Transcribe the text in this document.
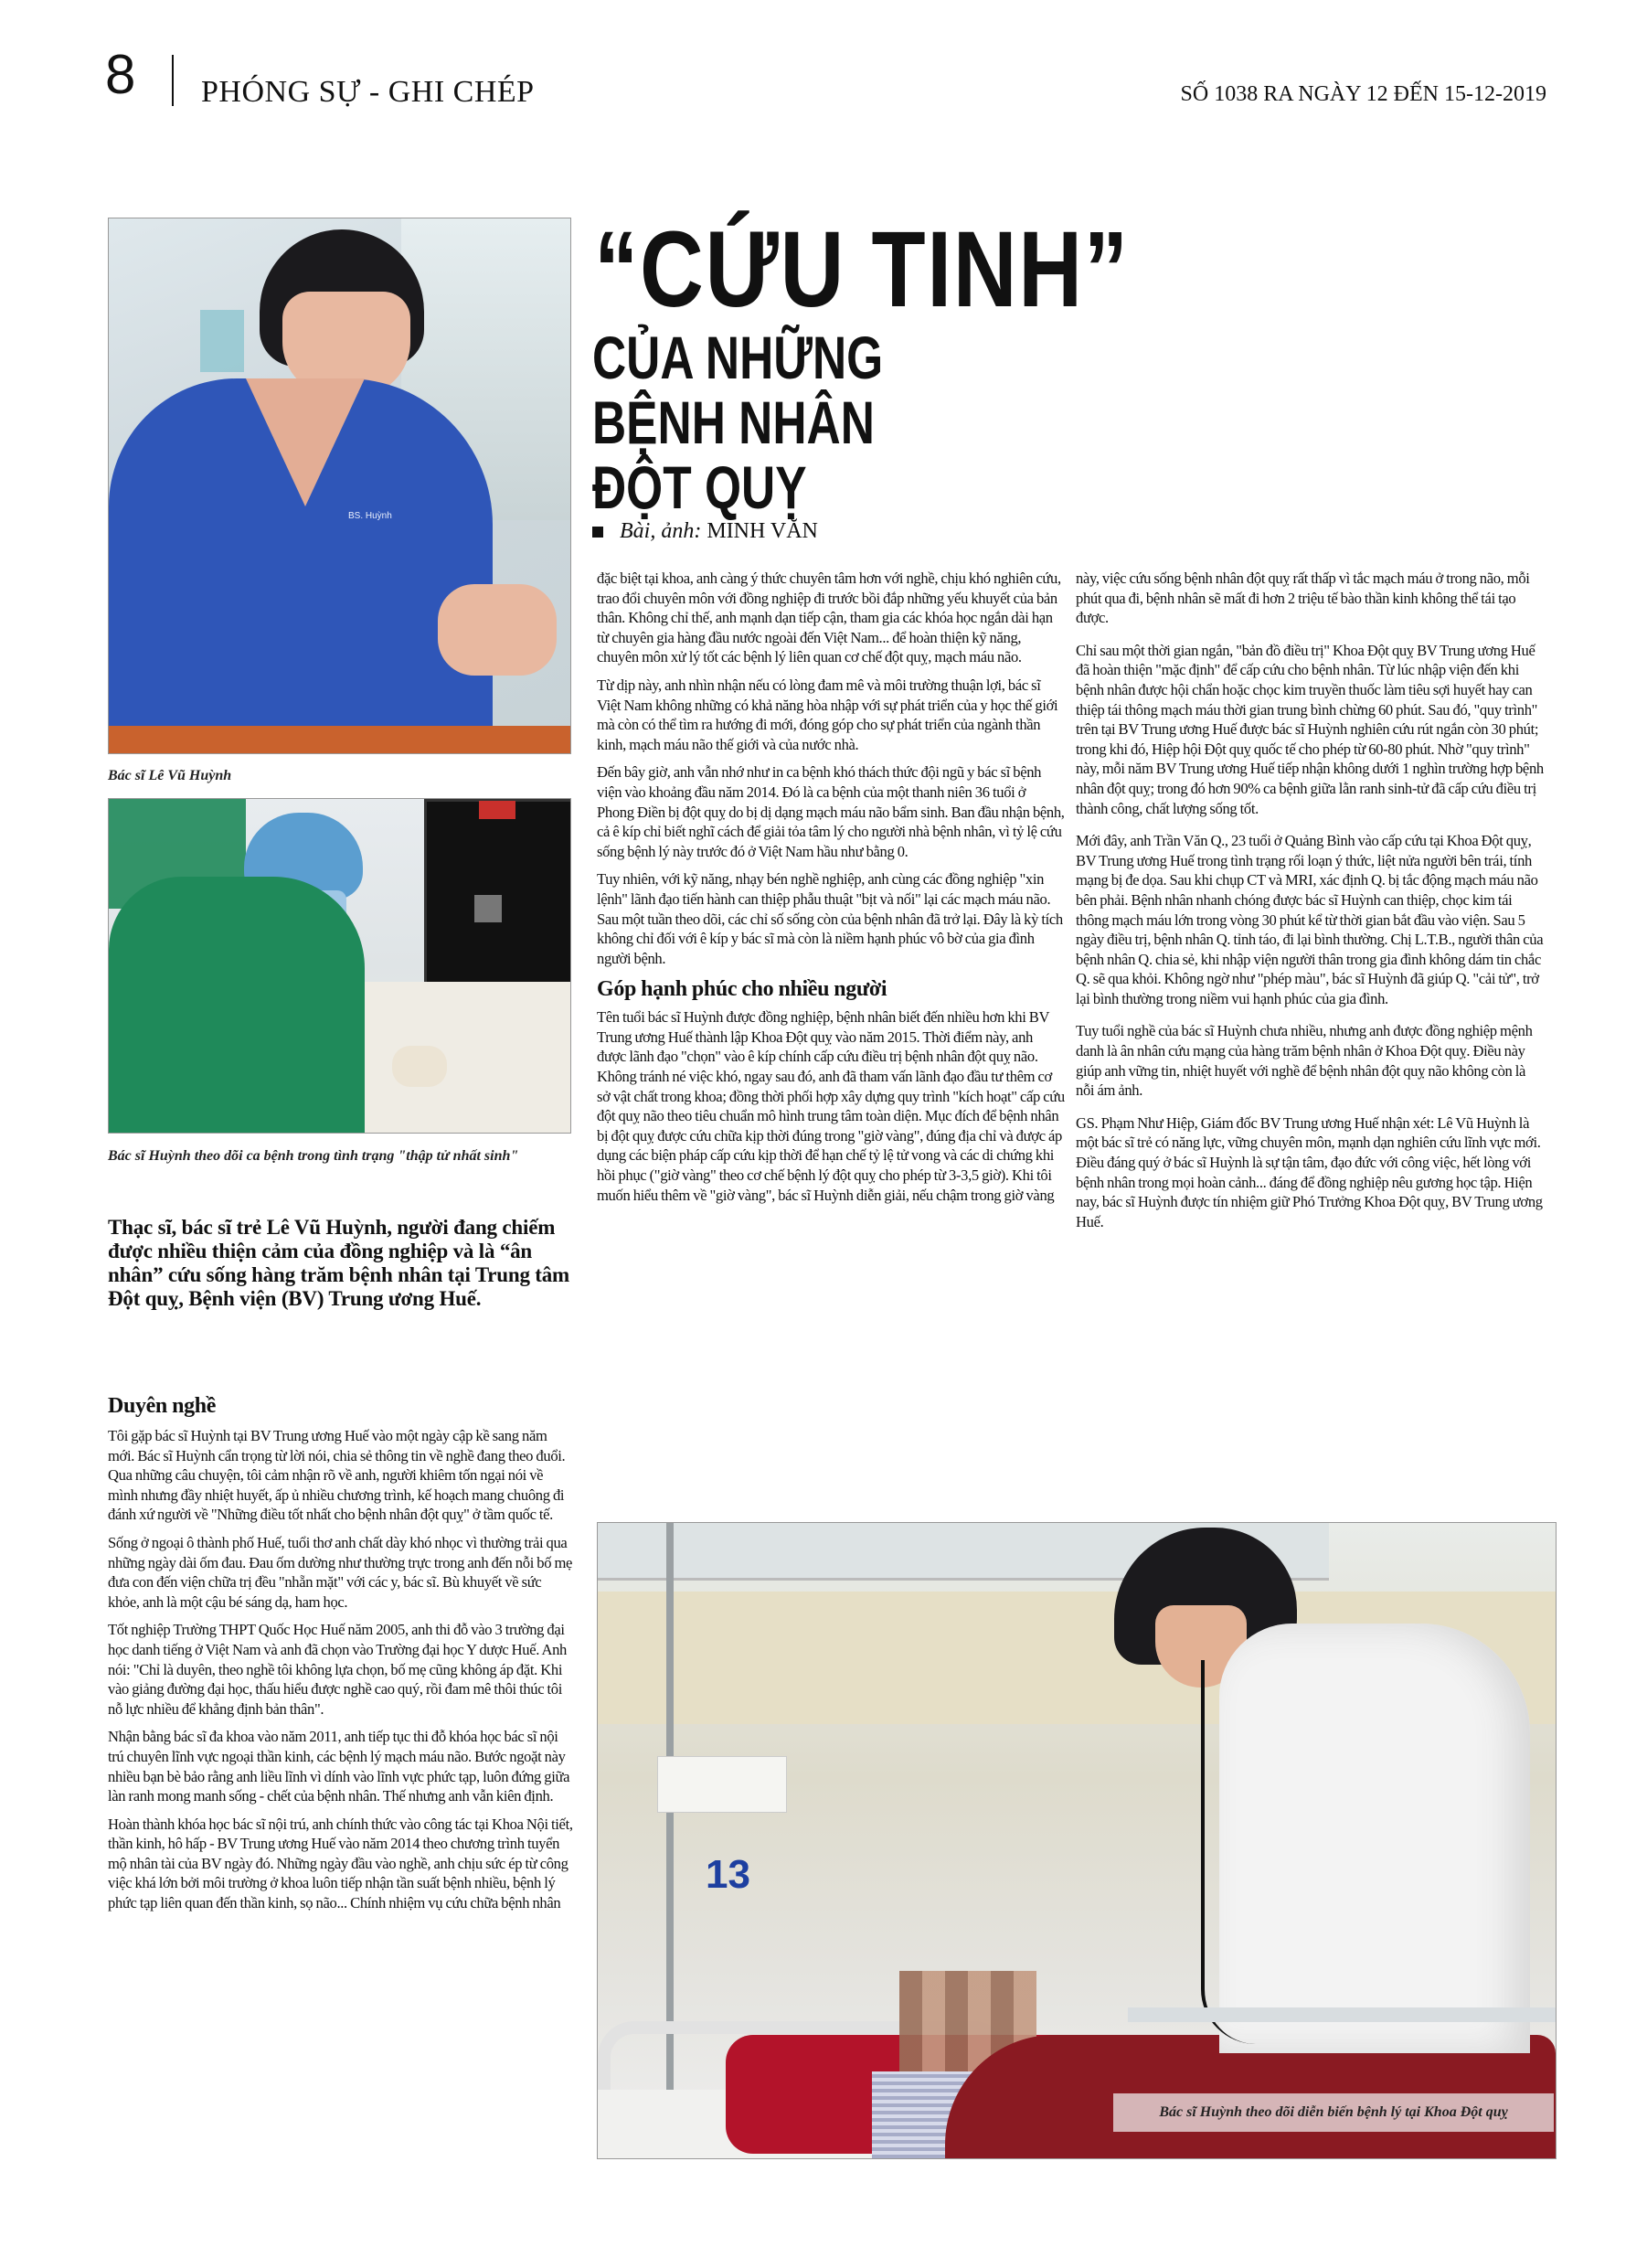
8 PHÓNG SỰ - GHI CHÉP	SỐ 1038 RA NGÀY 12 ĐẾN 15-12-2019
BS. Huỳnh
Bác sĩ Lê Vũ Huỳnh
Bác sĩ Huỳnh theo dõi ca bệnh trong tình trạng "thập tử nhất sinh"
“CỨU TINH”
CỦA NHỮNG
BỆNH NHÂN
ĐỘT QUỴ
Bài, ảnh: MINH VĂN
Thạc sĩ, bác sĩ trẻ Lê Vũ Huỳnh, người đang chiếm được nhiều thiện cảm của đồng nghiệp và là “ân nhân” cứu sống hàng trăm bệnh nhân tại Trung tâm Đột quỵ, Bệnh viện (BV) Trung ương Huế.
Duyên nghề

Tôi gặp bác sĩ Huỳnh tại BV Trung ương Huế vào một ngày cập kề sang năm mới. Bác sĩ Huỳnh cẩn trọng từ lời nói, chia sẻ thông tin về nghề đang theo đuổi. Qua những câu chuyện, tôi cảm nhận rõ về anh, người khiêm tốn ngại nói về mình nhưng đầy nhiệt huyết, ấp ủ nhiều chương trình, kế hoạch mang chuông đi đánh xứ người về "Những điều tốt nhất cho bệnh nhân đột quỵ" ở tầm quốc tế.

Sống ở ngoại ô thành phố Huế, tuổi thơ anh chất dày khó nhọc vì thường trải qua những ngày dài ốm đau. Đau ốm dường như thường trực trong anh đến nỗi bố mẹ đưa con đến viện chữa trị đều "nhẵn mặt" với các y, bác sĩ. Bù khuyết về sức khỏe, anh là một cậu bé sáng dạ, ham học.

Tốt nghiệp Trường THPT Quốc Học Huế năm 2005, anh thi đỗ vào 3 trường đại học danh tiếng ở Việt Nam và anh đã chọn vào Trường đại học Y dược Huế. Anh nói: "Chỉ là duyên, theo nghề tôi không lựa chọn, bố mẹ cũng không áp đặt. Khi vào giảng đường đại học, thấu hiểu được nghề cao quý, rồi đam mê thôi thúc tôi nỗ lực nhiều để khẳng định bản thân".

Nhận bằng bác sĩ đa khoa vào năm 2011, anh tiếp tục thi đỗ khóa học bác sĩ nội trú chuyên lĩnh vực ngoại thần kinh, các bệnh lý mạch máu não. Bước ngoặt này nhiều bạn bè bảo rằng anh liều lĩnh vì dính vào lĩnh vực phức tạp, luôn đứng giữa làn ranh mong manh sống - chết của bệnh nhân. Thế nhưng anh vẫn kiên định.

Hoàn thành khóa học bác sĩ nội trú, anh chính thức vào công tác tại Khoa Nội tiết, thần kinh, hô hấp - BV Trung ương Huế vào năm 2014 theo chương trình tuyển mộ nhân tài của BV ngày đó. Những ngày đầu vào nghề, anh chịu sức ép từ công việc khá lớn bởi môi trường ở khoa luôn tiếp nhận tần suất bệnh nhiều, bệnh lý phức tạp liên quan đến thần kinh, sọ não... Chính nhiệm vụ cứu chữa bệnh nhân

đặc biệt tại khoa, anh càng ý thức chuyên tâm hơn với nghề, chịu khó nghiên cứu, trao đổi chuyên môn với đồng nghiệp đi trước bồi đắp những yếu khuyết của bản thân. Không chỉ thế, anh mạnh dạn tiếp cận, tham gia các khóa học ngắn dài hạn từ chuyên gia hàng đầu nước ngoài đến Việt Nam... để hoàn thiện kỹ năng, chuyên môn xử lý tốt các bệnh lý liên quan cơ chế đột quỵ, mạch máu não.

Từ dịp này, anh nhìn nhận nếu có lòng đam mê và môi trường thuận lợi, bác sĩ Việt Nam không những có khả năng hòa nhập với sự phát triển của y học thế giới mà còn có thể tìm ra hướng đi mới, đóng góp cho sự phát triển của ngành thần kinh, mạch máu não thế giới và của nước nhà.

Đến bây giờ, anh vẫn nhớ như in ca bệnh khó thách thức đội ngũ y bác sĩ bệnh viện vào khoảng đầu năm 2014. Đó là ca bệnh của một thanh niên 36 tuổi ở Phong Điền bị đột quỵ do bị dị dạng mạch máu não bẩm sinh. Ban đầu nhận bệnh, cả ê kíp chỉ biết nghĩ cách để giải tỏa tâm lý cho người nhà bệnh nhân, vì tỷ lệ cứu sống bệnh lý này trước đó ở Việt Nam hầu như bằng 0.

Tuy nhiên, với kỹ năng, nhạy bén nghề nghiệp, anh cùng các đồng nghiệp "xin lệnh" lãnh đạo tiến hành can thiệp phẫu thuật "bịt và nối" lại các mạch máu não. Sau một tuần theo dõi, các chỉ số sống còn của bệnh nhân đã trở lại. Đây là kỳ tích không chỉ đối với ê kíp y bác sĩ mà còn là niềm hạnh phúc vô bờ của gia đình người bệnh.

Góp hạnh phúc cho nhiều người

Tên tuổi bác sĩ Huỳnh được đồng nghiệp, bệnh nhân biết đến nhiều hơn khi BV Trung ương Huế thành lập Khoa Đột quỵ vào năm 2015. Thời điểm này, anh được lãnh đạo "chọn" vào ê kíp chính cấp cứu điều trị bệnh nhân đột quỵ não. Không tránh né việc khó, ngay sau đó, anh đã tham vấn lãnh đạo đầu tư thêm cơ sở vật chất trong khoa; đồng thời phối hợp xây dựng quy trình "kích hoạt" cấp cứu đột quỵ não theo tiêu chuẩn mô hình trung tâm toàn diện. Mục đích để bệnh nhân bị đột quỵ được cứu chữa kịp thời đúng trong "giờ vàng", đúng địa chỉ và được áp dụng các biện pháp cấp cứu kịp thời để hạn chế tỷ lệ tử vong và các di chứng khi hồi phục ("giờ vàng" theo cơ chế bệnh lý đột quỵ cho phép từ 3-3,5 giờ). Khi tôi muốn hiểu thêm về "giờ vàng", bác sĩ Huỳnh diễn giải, nếu chậm trong giờ vàng

này, việc cứu sống bệnh nhân đột quỵ rất thấp vì tắc mạch máu ở trong não, mỗi phút qua đi, bệnh nhân sẽ mất đi hơn 2 triệu tế bào thần kinh không thể tái tạo được.

Chỉ sau một thời gian ngắn, "bản đồ điều trị" Khoa Đột quỵ BV Trung ương Huế đã hoàn thiện "mặc định" để cấp cứu cho bệnh nhân. Từ lúc nhập viện đến khi bệnh nhân được hội chẩn hoặc chọc kim truyền thuốc làm tiêu sợi huyết hay can thiệp tái thông mạch máu thời gian trung bình chừng 60 phút. Sau đó, "quy trình" trên tại BV Trung ương Huế được bác sĩ Huỳnh nghiên cứu rút ngắn còn 30 phút; trong khi đó, Hiệp hội Đột quỵ quốc tế cho phép từ 60-80 phút. Nhờ "quy trình" này, mỗi năm BV Trung ương Huế tiếp nhận không dưới 1 nghìn trường hợp bệnh nhân đột quỵ; trong đó hơn 90% ca bệnh giữa lằn ranh sinh-tử đã cấp cứu điều trị thành công, chất lượng sống tốt.

Mới đây, anh Trần Văn Q., 23 tuổi ở Quảng Bình vào cấp cứu tại Khoa Đột quỵ, BV Trung ương Huế trong tình trạng rối loạn ý thức, liệt nửa người bên trái, tính mạng bị đe dọa. Sau khi chụp CT và MRI, xác định Q. bị tắc động mạch máu não bên phải. Bệnh nhân nhanh chóng được bác sĩ Huỳnh can thiệp, chọc kim tái thông mạch máu lớn trong vòng 30 phút kể từ thời gian bắt đầu vào viện. Sau 5 ngày điều trị, bệnh nhân Q. tỉnh táo, đi lại bình thường. Chị L.T.B., người thân của bệnh nhân Q. chia sẻ, khi nhập viện người thân trong gia đình không dám tin chắc Q. sẽ qua khỏi. Không ngờ như "phép màu", bác sĩ Huỳnh đã giúp Q. "cải tử", trở lại bình thường trong niềm vui hạnh phúc của gia đình.

Tuy tuổi nghề của bác sĩ Huỳnh chưa nhiều, nhưng anh được đồng nghiệp mệnh danh là ân nhân cứu mạng của hàng trăm bệnh nhân ở Khoa Đột quỵ. Điều này giúp anh vững tin, nhiệt huyết với nghề để bệnh nhân đột quỵ não không còn là nỗi ám ảnh.

GS. Phạm Như Hiệp, Giám đốc BV Trung ương Huế nhận xét: Lê Vũ Huỳnh là một bác sĩ trẻ có năng lực, vững chuyên môn, mạnh dạn nghiên cứu lĩnh vực mới. Điều đáng quý ở bác sĩ Huỳnh là sự tận tâm, đạo đức với công việc, hết lòng với bệnh nhân trong mọi hoàn cảnh... đáng để đồng nghiệp nêu gương học tập. Hiện nay, bác sĩ Huỳnh được tín nhiệm giữ Phó Trưởng Khoa Đột quỵ, BV Trung ương Huế.

13
Bác sĩ Huỳnh theo dõi diễn biến bệnh lý tại Khoa Đột quỵ
